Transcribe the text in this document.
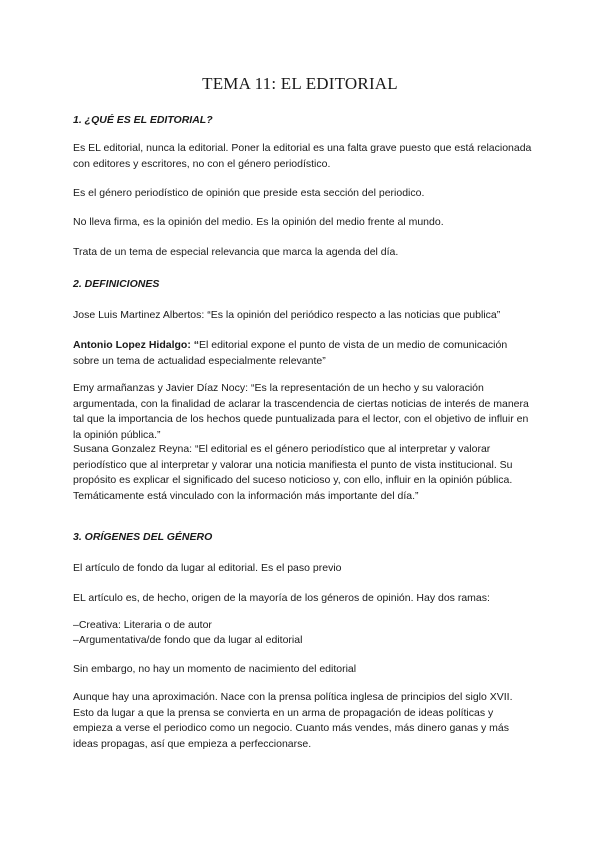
TEMA 11: EL EDITORIAL
1. ¿QUÉ ES EL EDITORIAL?

Es EL editorial, nunca la editorial. Poner la editorial es una falta grave puesto que está relacionada con editores y escritores, no con el género periodístico.

Es el género periodístico de opinión que preside esta sección del periodico.

No lleva firma, es la opinión del medio. Es la opinión del medio frente al mundo.

Trata de un tema de especial relevancia que marca la agenda del día.

2. DEFINICIONES

Jose Luis Martinez Albertos: “Es la opinión del periódico respecto a las noticias que publica”

Antonio Lopez Hidalgo: “El editorial expone el punto de vista de un medio de comunicación sobre un tema de actualidad especialmente relevante”

Emy armañanzas y Javier Díaz Nocy: “Es la representación de un hecho y su valoración argumentada, con la finalidad de aclarar la trascendencia de ciertas noticias de interés de manera tal que la importancia de los hechos quede puntualizada para el lector, con el objetivo de influir en la opinión pública.”

Susana Gonzalez Reyna: “El editorial es el género periodístico que al interpretar y valorar periodístico que al interpretar y valorar una noticia manifiesta el punto de vista institucional. Su propósito es explicar el significado del suceso noticioso y, con ello, influir en la opinión pública. Temáticamente está vinculado con la información más importante del día.”

3. ORÍGENES DEL GÉNERO

El artículo de fondo da lugar al editorial. Es el paso previo

EL artículo es, de hecho, origen de la mayoría de los géneros de opinión. Hay dos ramas:

–Creativa: Literaria o de autor

–Argumentativa/de fondo que da lugar al editorial

Sin embargo, no hay un momento de nacimiento del editorial

Aunque hay una aproximación. Nace con la prensa política inglesa de principios del siglo XVII. Esto da lugar a que la prensa se convierta en un arma de propagación de ideas políticas y empieza a verse el periodico como un negocio. Cuanto más vendes, más dinero ganas y más ideas propagas, así que empieza a perfeccionarse.
